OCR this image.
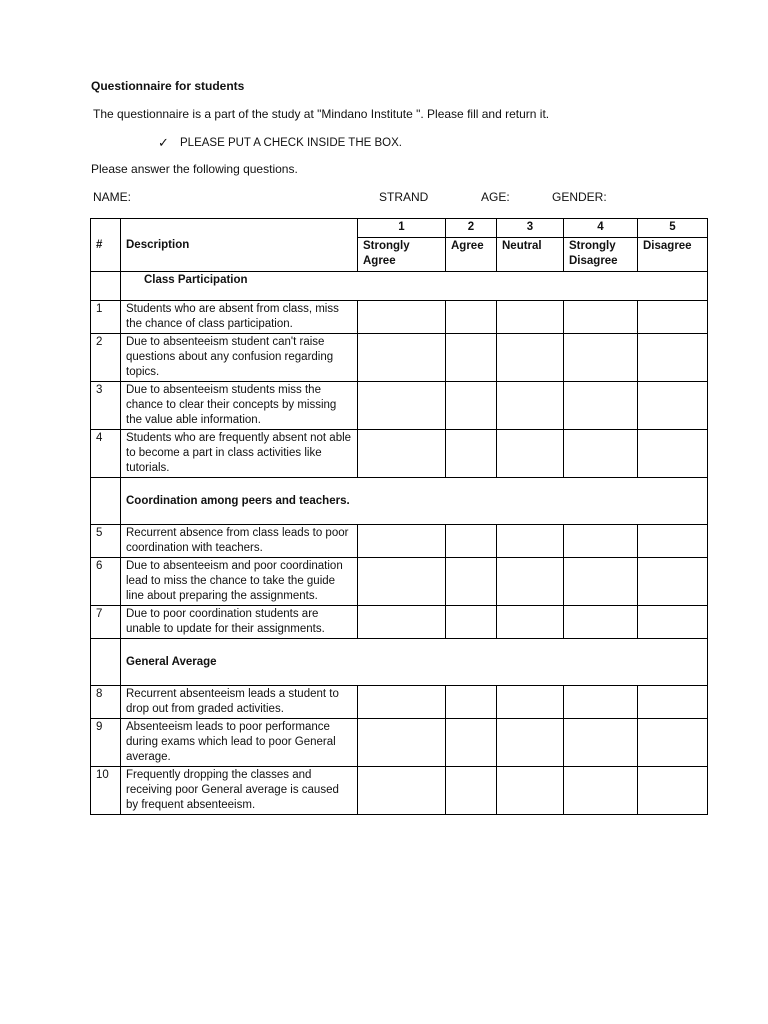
Questionnaire for students
The questionnaire is a part of the study at "Mindano Institute ". Please fill and return it.
✓ PLEASE PUT A CHECK INSIDE THE BOX.
Please answer the following questions.
NAME:	STRAND	AGE:	GENDER:
#	Description	1	2	3	4	5
		Strongly Agree	Agree	Neutral	Strongly Disagree	Disagree
	Class Participation					
1	Students who are absent from class, miss the chance of class participation.					
2	Due to absenteeism student can't raise questions about any confusion regarding topics.					
3	Due to absenteeism students miss the chance to clear their concepts by missing the value able information.					
4	Students who are frequently absent not able to become a part in class activities like tutorials.					
	Coordination among peers and teachers.					
5	Recurrent absence from class leads to poor coordination with teachers.					
6	Due to absenteeism and poor coordination lead to miss the chance to take the guide line about preparing the assignments.					
7	Due to poor coordination students are unable to update for their assignments.					
	General Average					
8	Recurrent absenteeism leads a student to drop out from graded activities.					
9	Absenteeism leads to poor performance during exams which lead to poor General average.					
10	Frequently dropping the classes and receiving poor General average is caused by frequent absenteeism.					
